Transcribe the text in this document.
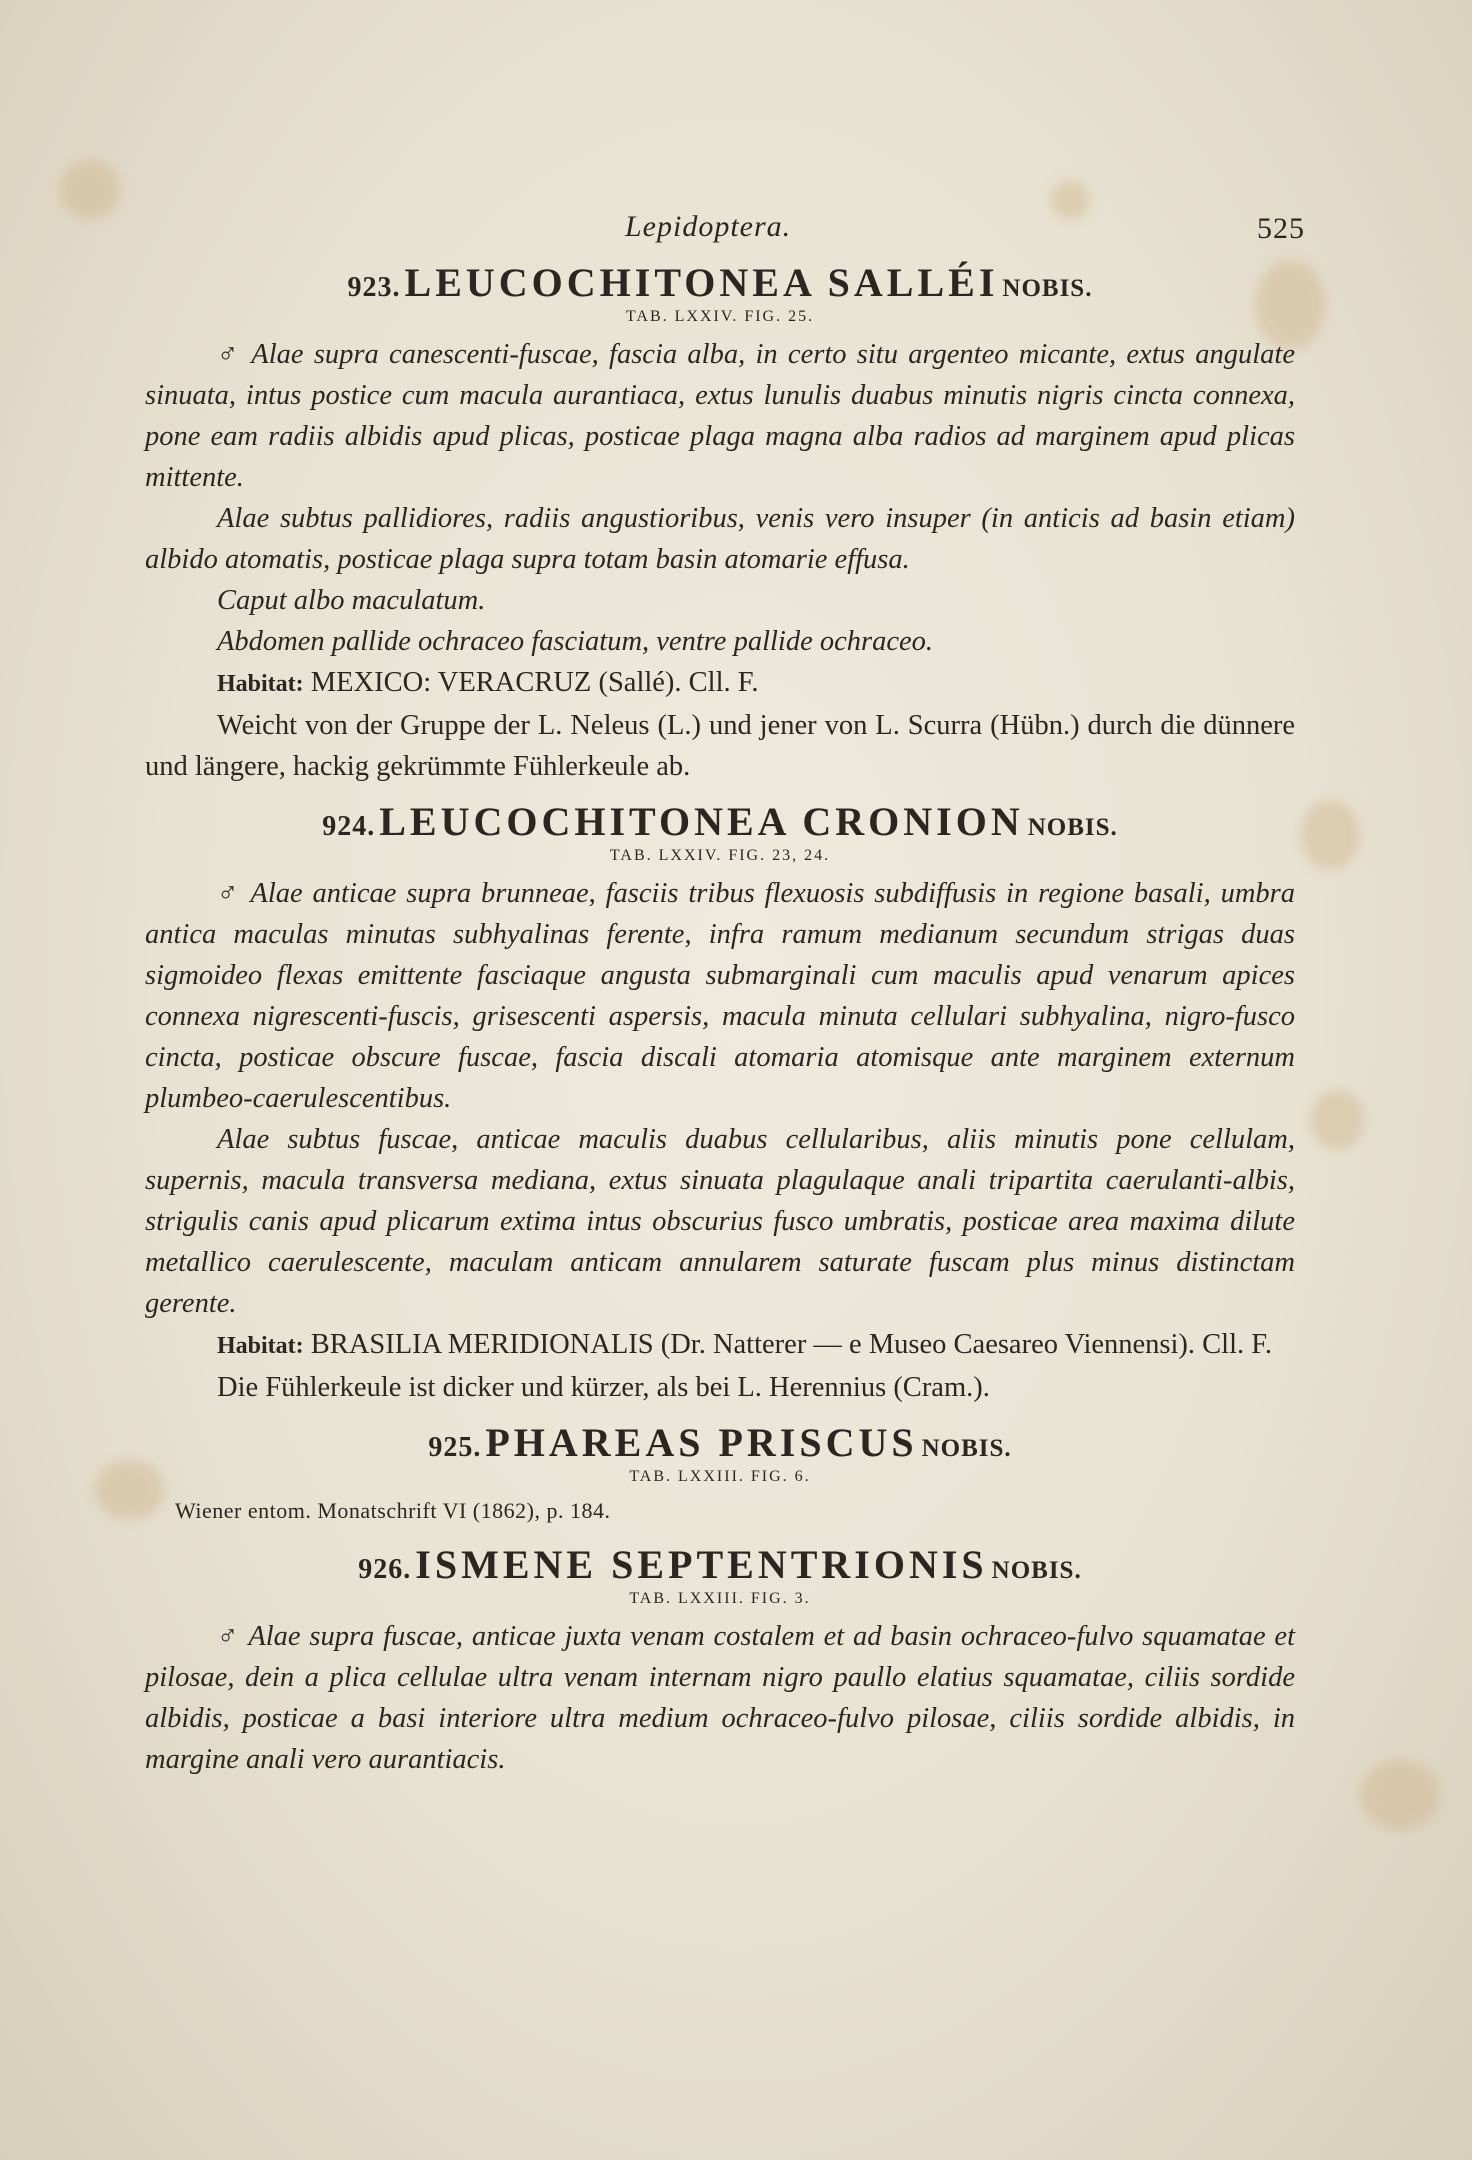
Lepidoptera.	525

923. LEUCOCHITONEA SALLÉI NOBIS.

TAB. LXXIV. FIG. 25.

♂ Alae supra canescenti-fuscae, fascia alba, in certo situ argenteo micante, extus angulate sinuata, intus postice cum macula aurantiaca, extus lunulis duabus minutis nigris cincta connexa, pone eam radiis albidis apud plicas, posticae plaga magna alba radios ad marginem apud plicas mittente.

Alae subtus pallidiores, radiis angustioribus, venis vero insuper (in anticis ad basin etiam) albido atomatis, posticae plaga supra totam basin atomarie effusa.

Caput albo maculatum.

Abdomen pallide ochraceo fasciatum, ventre pallide ochraceo.

Habitat: MEXICO: VERACRUZ (Sallé). Cll. F.

Weicht von der Gruppe der L. Neleus (L.) und jener von L. Scurra (Hübn.) durch die dünnere und längere, hackig gekrümmte Fühlerkeule ab.

924. LEUCOCHITONEA CRONION NOBIS.

TAB. LXXIV. FIG. 23, 24.

♂ Alae anticae supra brunneae, fasciis tribus flexuosis subdiffusis in regione basali, umbra antica maculas minutas subhyalinas ferente, infra ramum medianum secundum strigas duas sigmoideo flexas emittente fasciaque angusta submarginali cum maculis apud venarum apices connexa nigrescenti-fuscis, grisescenti aspersis, macula minuta cellulari subhyalina, nigro-fusco cincta, posticae obscure fuscae, fascia discali atomaria atomisque ante marginem externum plumbeo-caerulescentibus.

Alae subtus fuscae, anticae maculis duabus cellularibus, aliis minutis pone cellulam, supernis, macula transversa mediana, extus sinuata plagulaque anali tripartita caerulanti-albis, strigulis canis apud plicarum extima intus obscurius fusco umbratis, posticae area maxima dilute metallico caerulescente, maculam anticam annularem saturate fuscam plus minus distinctam gerente.

Habitat: BRASILIA MERIDIONALIS (Dr. Natterer — e Museo Caesareo Viennensi). Cll. F.

Die Fühlerkeule ist dicker und kürzer, als bei L. Herennius (Cram.).

925. PHAREAS PRISCUS NOBIS.

TAB. LXXIII. FIG. 6.
Wiener entom. Monatschrift VI (1862), p. 184.

926. ISMENE SEPTENTRIONIS NOBIS.

TAB. LXXIII. FIG. 3.

♂ Alae supra fuscae, anticae juxta venam costalem et ad basin ochraceo-fulvo squamatae et pilosae, dein a plica cellulae ultra venam internam nigro paullo elatius squamatae, ciliis sordide albidis, posticae a basi interiore ultra medium ochraceo-fulvo pilosae, ciliis sordide albidis, in margine anali vero aurantiacis.
